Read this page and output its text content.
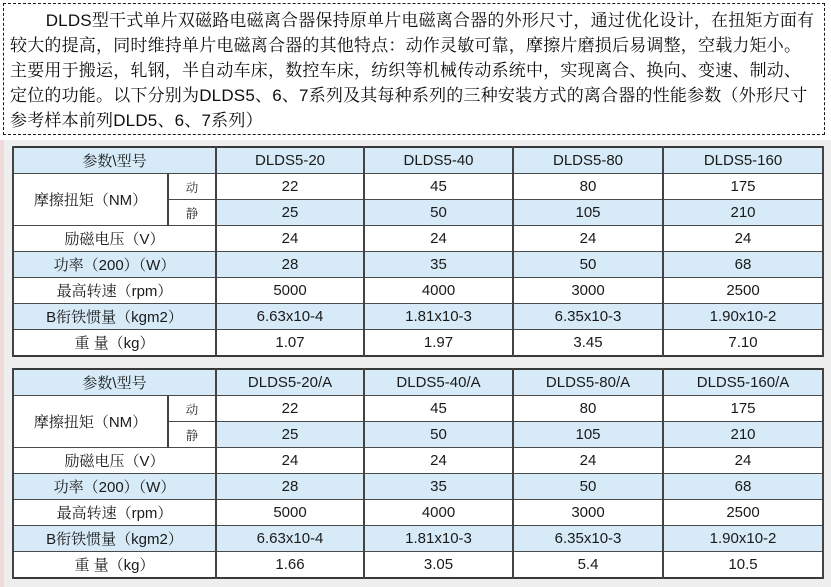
DLDS型干式单片双磁路电磁离合器保持原单片电磁离合器的外形尺寸，通过优化设计，在扭矩方面有较大的提高，同时维持单片电磁离合器的其他特点：动作灵敏可靠，摩擦片磨损后易调整，空载力矩小。主要用于搬运，轧钢，半自动车床，数控车床，纺织等机械传动系统中，实现离合、换向、变速、制动、定位的功能。以下分别为DLDS5、6、7系列及其每种系列的三种安装方式的离合器的性能参数（外形尺寸参考样本前列DLD5、6、7系列）

参数\型号		DLDS5-20	DLDS5-40	DLDS5-80	DLDS5-160
摩擦扭矩（NM）	动	22	45	80	175
	静	25	50	105	210
励磁电压（V）		24	24	24	24
功率（200）（W）		28	35	50	68
最高转速（rpm）		5000	4000	3000	2500
B衔铁惯量（kgm2）		6.63x10-4	1.81x10-3	6.35x10-3	1.90x10-2
重 量（kg）		1.07	1.97	3.45	7.10
参数\型号		DLDS5-20/A	DLDS5-40/A	DLDS5-80/A	DLDS5-160/A
摩擦扭矩（NM）	动	22	45	80	175
	静	25	50	105	210
励磁电压（V）		24	24	24	24
功率（200）（W）		28	35	50	68
最高转速（rpm）		5000	4000	3000	2500
B衔铁惯量（kgm2）		6.63x10-4	1.81x10-3	6.35x10-3	1.90x10-2
重 量（kg）		1.66	3.05	5.4	10.5
